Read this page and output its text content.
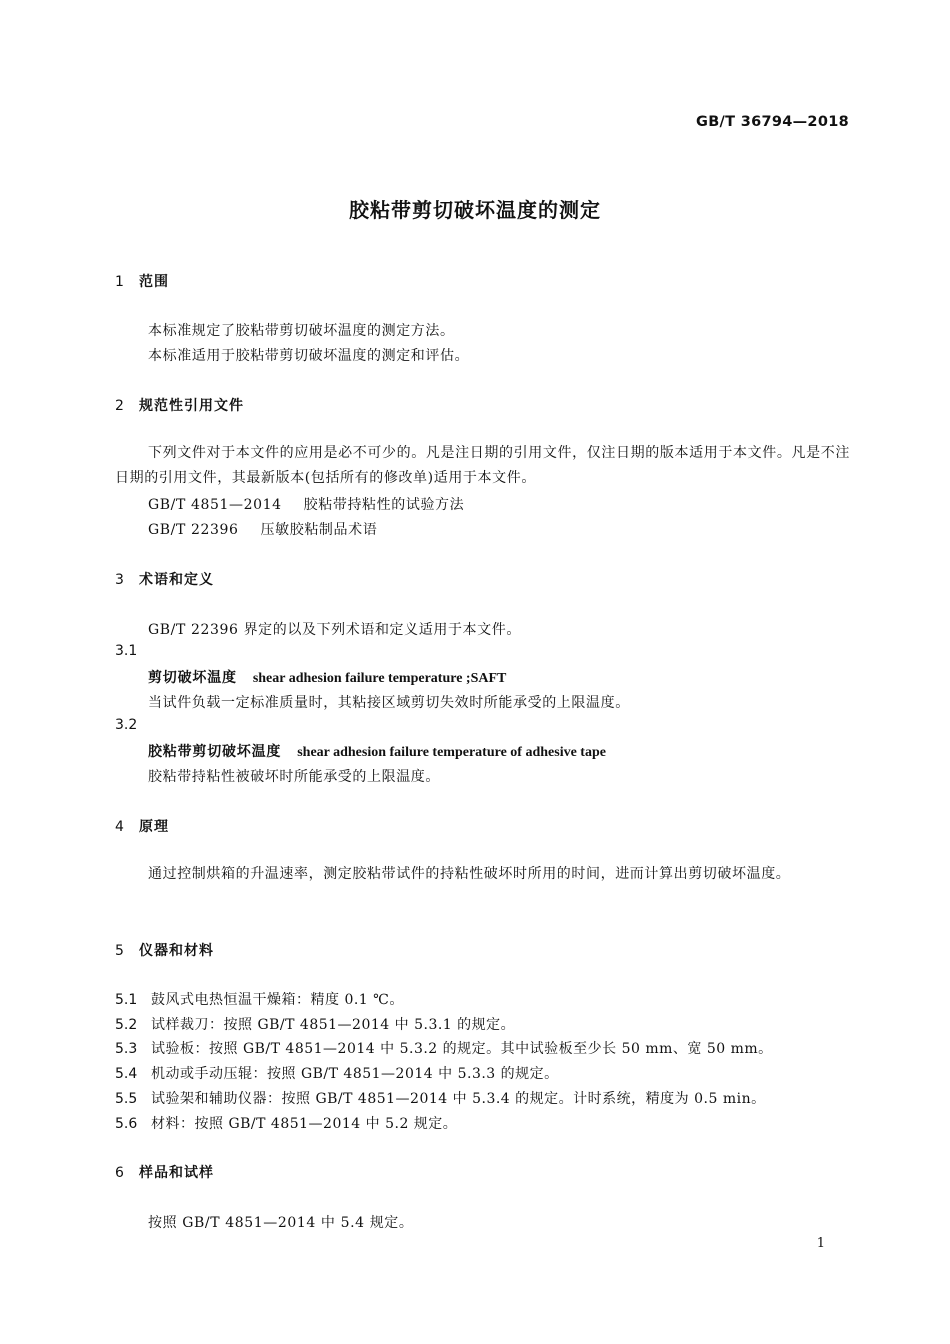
GB/T 36794—2018
胶粘带剪切破坏温度的测定
1 范围
本标准规定了胶粘带剪切破坏温度的测定方法。
本标准适用于胶粘带剪切破坏温度的测定和评估。
2 规范性引用文件
下列文件对于本文件的应用是必不可少的。凡是注日期的引用文件，仅注日期的版本适用于本文件。凡是不注日期的引用文件，其最新版本(包括所有的修改单)适用于本文件。
GB/T 4851—2014 胶粘带持粘性的试验方法
GB/T 22396 压敏胶粘制品术语
3 术语和定义
GB/T 22396 界定的以及下列术语和定义适用于本文件。
3.1
剪切破坏温度 shear adhesion failure temperature ;SAFT
当试件负载一定标准质量时，其粘接区域剪切失效时所能承受的上限温度。
3.2
胶粘带剪切破坏温度 shear adhesion failure temperature of adhesive tape
胶粘带持粘性被破坏时所能承受的上限温度。
4 原理
通过控制烘箱的升温速率，测定胶粘带试件的持粘性破坏时所用的时间，进而计算出剪切破坏温度。
5 仪器和材料
5.1 鼓风式电热恒温干燥箱：精度 0.1 ℃。
5.2 试样裁刀：按照 GB/T 4851—2014 中 5.3.1 的规定。
5.3 试验板：按照 GB/T 4851—2014 中 5.3.2 的规定。其中试验板至少长 50 mm、宽 50 mm。
5.4 机动或手动压辊：按照 GB/T 4851—2014 中 5.3.3 的规定。
5.5 试验架和辅助仪器：按照 GB/T 4851—2014 中 5.3.4 的规定。计时系统，精度为 0.5 min。
5.6 材料：按照 GB/T 4851—2014 中 5.2 规定。
6 样品和试样
按照 GB/T 4851—2014 中 5.4 规定。
1
